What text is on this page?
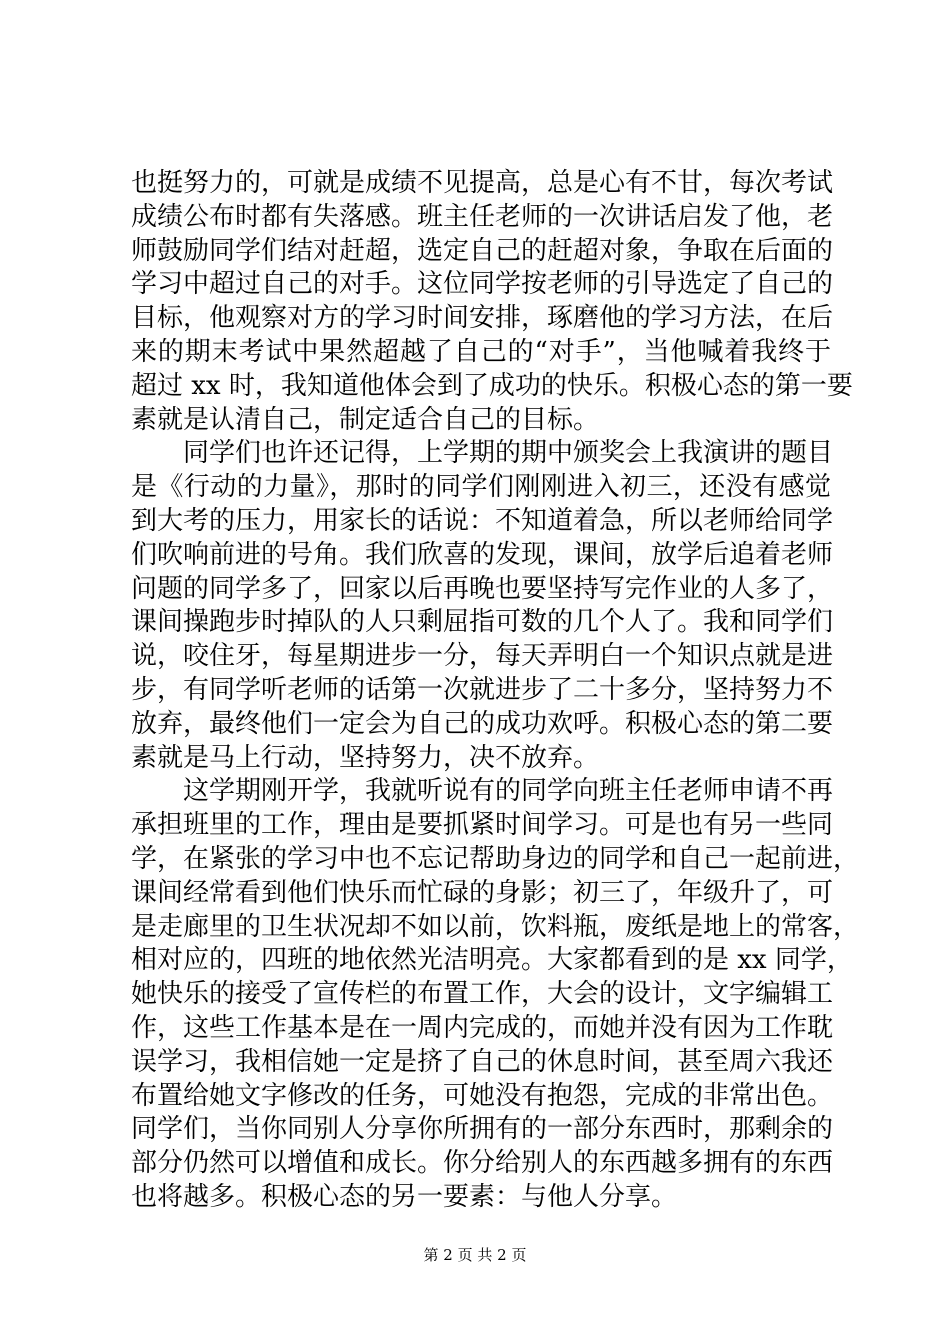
也挺努力的，可就是成绩不见提高，总是心有不甘，每次考试
成绩公布时都有失落感。班主任老师的一次讲话启发了他，老
师鼓励同学们结对赶超，选定自己的赶超对象，争取在后面的
学习中超过自己的对手。这位同学按老师的引导选定了自己的
目标，他观察对方的学习时间安排，琢磨他的学习方法，在后
来的期末考试中果然超越了自己的“对手”，当他喊着我终于
超过 xx 时，我知道他体会到了成功的快乐。积极心态的第一要
素就是认清自己，制定适合自己的目标。
同学们也许还记得，上学期的期中颁奖会上我演讲的题目
是《行动的力量》，那时的同学们刚刚进入初三，还没有感觉
到大考的压力，用家长的话说：不知道着急，所以老师给同学
们吹响前进的号角。我们欣喜的发现，课间，放学后追着老师
问题的同学多了，回家以后再晚也要坚持写完作业的人多了，
课间操跑步时掉队的人只剩屈指可数的几个人了。我和同学们
说，咬住牙，每星期进步一分，每天弄明白一个知识点就是进
步，有同学听老师的话第一次就进步了二十多分，坚持努力不
放弃，最终他们一定会为自己的成功欢呼。积极心态的第二要
素就是马上行动，坚持努力，决不放弃。
这学期刚开学，我就听说有的同学向班主任老师申请不再
承担班里的工作，理由是要抓紧时间学习。可是也有另一些同
学，在紧张的学习中也不忘记帮助身边的同学和自己一起前进，
课间经常看到他们快乐而忙碌的身影；初三了，年级升了，可
是走廊里的卫生状况却不如以前，饮料瓶，废纸是地上的常客，
相对应的，四班的地依然光洁明亮。大家都看到的是 xx 同学，
她快乐的接受了宣传栏的布置工作，大会的设计，文字编辑工
作，这些工作基本是在一周内完成的，而她并没有因为工作耽
误学习，我相信她一定是挤了自己的休息时间，甚至周六我还
布置给她文字修改的任务，可她没有抱怨，完成的非常出色。
同学们，当你同别人分享你所拥有的一部分东西时，那剩余的
部分仍然可以增值和成长。你分给别人的东西越多拥有的东西
也将越多。积极心态的另一要素：与他人分享。
第 2 页 共 2 页
